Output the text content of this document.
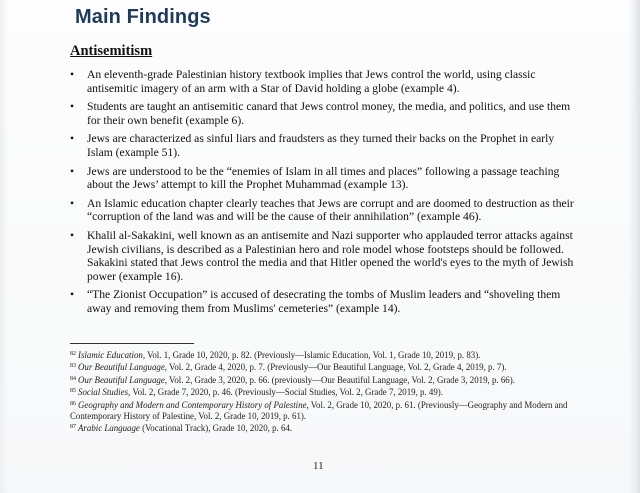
Main Findings
Antisemitism
• An eleventh-grade Palestinian history textbook implies that Jews control the world, using classic antisemitic imagery of an arm with a Star of David holding a globe (example 4).
• Students are taught an antisemitic canard that Jews control money, the media, and politics, and use them for their own benefit (example 6).
• Jews are characterized as sinful liars and fraudsters as they turned their backs on the Prophet in early Islam (example 51).
• Jews are understood to be the “enemies of Islam in all times and places” following a passage teaching about the Jews’ attempt to kill the Prophet Muhammad (example 13).
• An Islamic education chapter clearly teaches that Jews are corrupt and are doomed to destruction as their “corruption of the land was and will be the cause of their annihilation” (example 46).
• Khalil al-Sakakini, well known as an antisemite and Nazi supporter who applauded terror attacks against Jewish civilians, is described as a Palestinian hero and role model whose footsteps should be followed. Sakakini stated that Jews control the media and that Hitler opened the world's eyes to the myth of Jewish power (example 16).
• “The Zionist Occupation” is accused of desecrating the tombs of Muslim leaders and “shoveling them away and removing them from Muslims' cemeteries” (example 14).
$^{82}$ Islamic Education, Vol. 1, Grade 10, 2020, p. 82. (Previously—Islamic Education, Vol. 1, Grade 10, 2019, p. 83).
$^{83}$ Our Beautiful Language, Vol. 2, Grade 4, 2020, p. 7. (Previously—Our Beautiful Language, Vol. 2, Grade 4, 2019, p. 7).
$^{84}$ Our Beautiful Language, Vol. 2, Grade 3, 2020, p. 66. (previously—Our Beautiful Language, Vol. 2, Grade 3, 2019, p. 66).
$^{85}$ Social Studies, Vol. 2, Grade 7, 2020, p. 46. (Previously—Social Studies, Vol. 2, Grade 7, 2019, p. 49).
$^{86}$ Geography and Modern and Contemporary History of Palestine, Vol. 2, Grade 10, 2020, p. 61. (Previously—Geography and Modern and Contemporary History of Palestine, Vol. 2, Grade 10, 2019, p. 61).
$^{87}$ Arabic Language (Vocational Track), Grade 10, 2020, p. 64.
11
